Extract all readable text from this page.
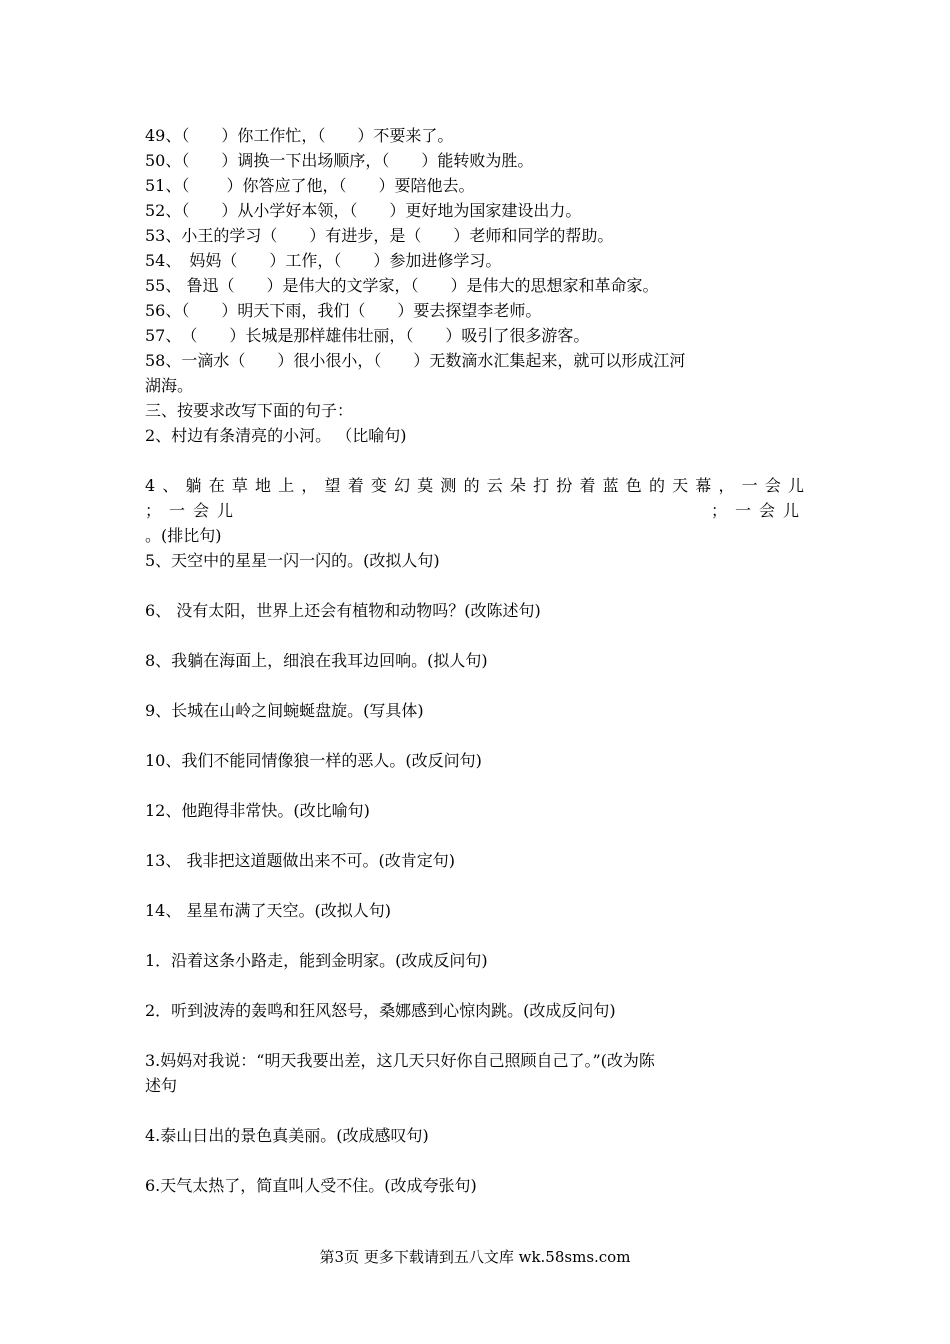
49、（　　）你工作忙，（　　）不要来了。

50、（　　）调换一下出场顺序，（　　）能转败为胜。

51、（　　 ）你答应了他，（　　）要陪他去。

52、（　　）从小学好本领，（　　）更好地为国家建设出力。

53、小王的学习（　　）有进步，是（　　）老师和同学的帮助。

54、　妈妈（　　）工作，（　　）参加进修学习。

55、 鲁迅（　　）是伟大的文学家，（　　）是伟大的思想家和革命家。

56、（　　）明天下雨，我们（　　）要去探望李老师。

57、　（　　）长城是那样雄伟壮丽，（　　）吸引了很多游客。

58、一滴水（　　）很小很小，（　　）无数滴水汇集起来，就可以形成江河

湖海。

三、按要求改写下面的句子：

2、村边有条清亮的小河。 （比喻句)

4、躺在草地上，望着变幻莫测的云朵打扮着蓝色的天幕，一会儿

；一会儿	；一会儿

。(排比句)

5、天空中的星星一闪一闪的。(改拟人句)

6、 没有太阳，世界上还会有植物和动物吗？(改陈述句)

8、我躺在海面上，细浪在我耳边回响。(拟人句)

9、长城在山岭之间蜿蜒盘旋。(写具体)

10、我们不能同情像狼一样的恶人。(改反问句)

12、他跑得非常快。(改比喻句)

13、 我非把这道题做出来不可。(改肯定句)

14、 星星布满了天空。(改拟人句)

1．沿着这条小路走，能到金明家。(改成反问句)

2．听到波涛的轰鸣和狂风怒号，桑娜感到心惊肉跳。(改成反问句)

3.妈妈对我说：“明天我要出差，这几天只好你自己照顾自己了。”(改为陈

述句

4.泰山日出的景色真美丽。(改成感叹句)

6.天气太热了，简直叫人受不住。(改成夸张句)

第3页 更多下载请到五八文库 wk.58sms.com
